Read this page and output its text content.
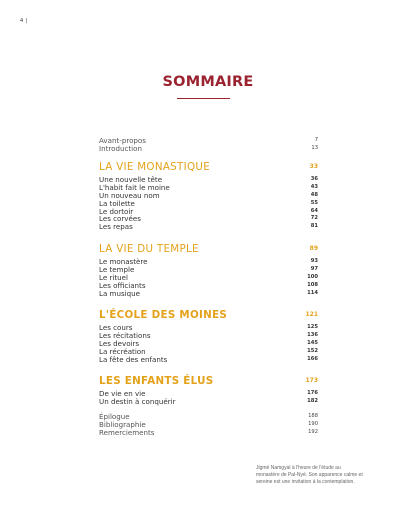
4 |
SOMMAIRE
Avant-propos	7
Introduction	13
LA VIE MONASTIQUE	33
Une nouvelle tête	36
L'habit fait le moine	43
Un nouveau nom	48
La toilette	55
Le dortoir	64
Les corvées	72
Les repas	81
LA VIE DU TEMPLE	89
Le monastère	93
Le temple	97
Le rituel	100
Les officiants	108
La musique	114
L'ÉCOLE DES MOINES	121
Les cours	125
Les récitations	136
Les devoirs	145
La récréation	152
La fête des enfants	166
LES ENFANTS ÉLUS	173
De vie en vie	176
Un destin à conquérir	182
Épilogue	188
Bibliographie	190
Remerciements	192
Jigmé Namgyal à l'heure de l'étude au
monastère de Pal-Nyé. Son apparence calme et
sereine est une invitation à la contemplation.
